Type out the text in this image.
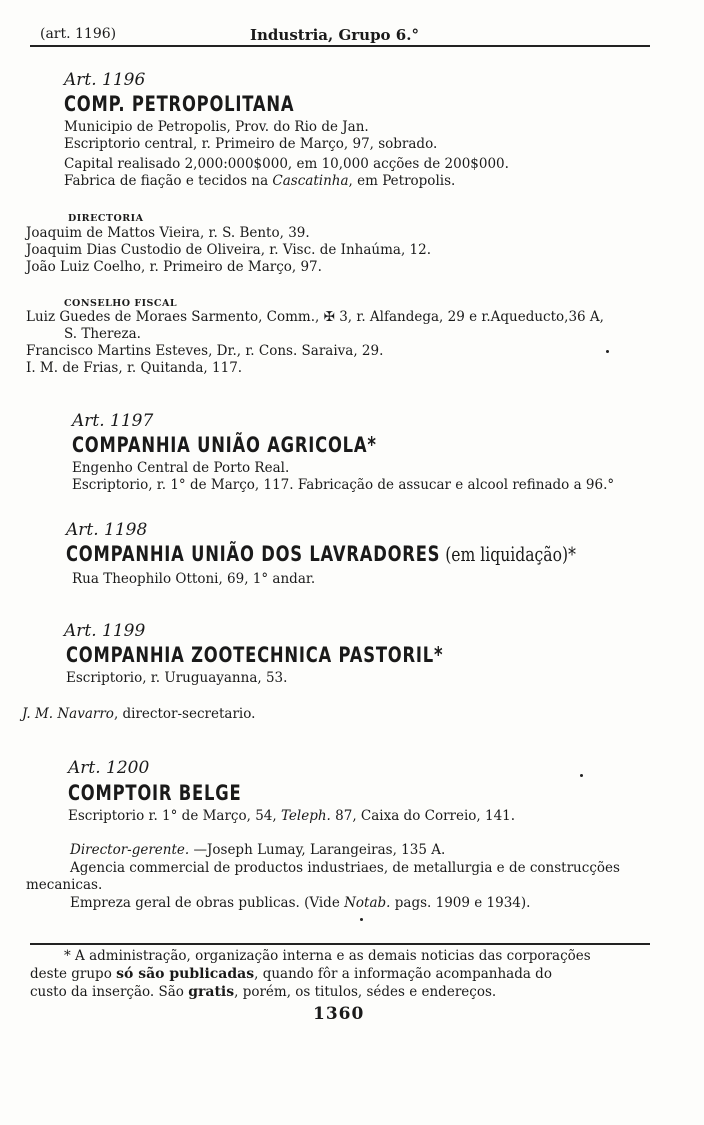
(art. 1196)	Industria, Grupo 6.°
Art. 1196
COMP. PETROPOLITANA
Municipio de Petropolis, Prov. do Rio de Jan.
Escriptorio central, r. Primeiro de Março, 97, sobrado.
Capital realisado 2,000:000$000, em 10,000 acções de 200$000.
Fabrica de fiação e tecidos na Cascatinha, em Petropolis.
DIRECTORIA
Joaquim de Mattos Vieira, r. S. Bento, 39.
Joaquim Dias Custodio de Oliveira, r. Visc. de Inhaúma, 12.
João Luiz Coelho, r. Primeiro de Março, 97.
CONSELHO FISCAL
Luiz Guedes de Moraes Sarmento, Comm., ✠ 3, r. Alfandega, 29 e r.Aqueducto,36 A,
S. Thereza.
Francisco Martins Esteves, Dr., r. Cons. Saraiva, 29.
I. M. de Frias, r. Quitanda, 117.
Art. 1197
COMPANHIA UNIÃO AGRICOLA*
Engenho Central de Porto Real.
Escriptorio, r. 1° de Março, 117. Fabricação de assucar e alcool refinado a 96.°
Art. 1198
COMPANHIA UNIÃO DOS LAVRADORES (em liquidação)*
Rua Theophilo Ottoni, 69, 1° andar.
Art. 1199
COMPANHIA ZOOTECHNICA PASTORIL*
Escriptorio, r. Uruguayanna, 53.
J. M. Navarro, director-secretario.
Art. 1200
COMPTOIR BELGE
Escriptorio r. 1° de Março, 54, Teleph. 87, Caixa do Correio, 141.
Director-gerente. —Joseph Lumay, Larangeiras, 135 A.
Agencia commercial de productos industriaes, de metallurgia e de construcções
mecanicas.
Empreza geral de obras publicas. (Vide Notab. pags. 1909 e 1934).
* A administração, organização interna e as demais noticias das corporações
deste grupo só são publicadas, quando fôr a informação acompanhada do
custo da inserção. São gratis, porém, os titulos, sédes e endereços.
1360
